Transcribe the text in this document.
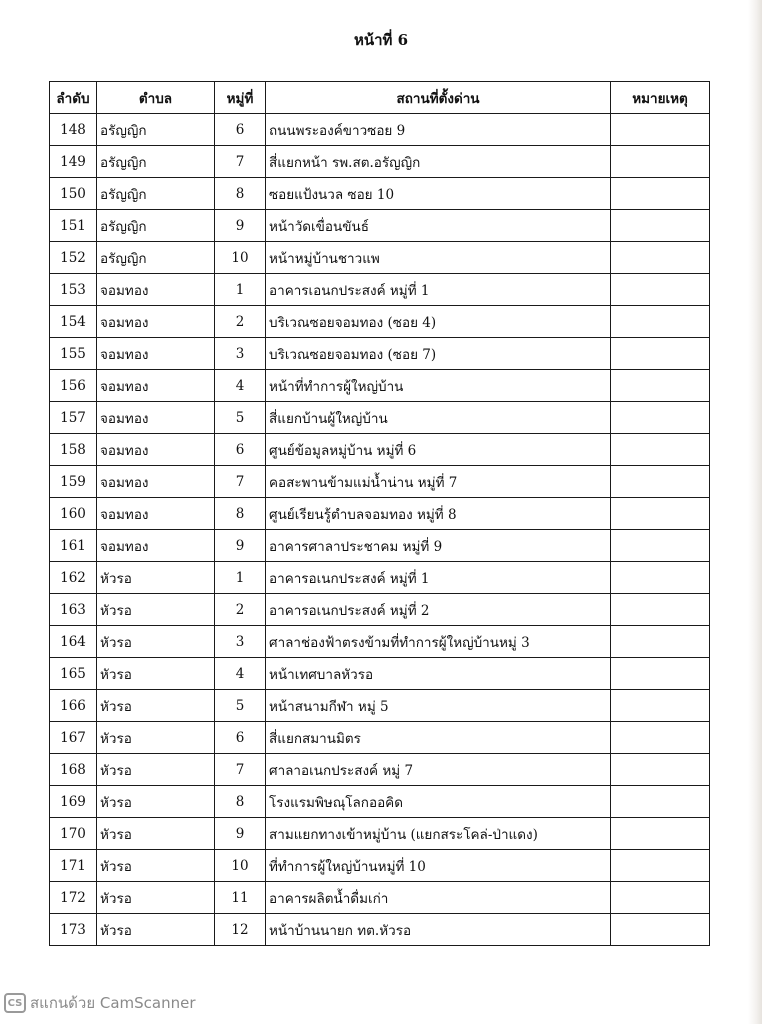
หน้าที่ 6
ลำดับ	ตำบล	หมู่ที่	สถานที่ตั้งด่าน	หมายเหตุ
148	อรัญญิก	6	ถนนพระองค์ขาวซอย 9	
149	อรัญญิก	7	สี่แยกหน้า รพ.สต.อรัญญิก	
150	อรัญญิก	8	ซอยแป้งนวล ซอย 10	
151	อรัญญิก	9	หน้าวัดเขื่อนขันธ์	
152	อรัญญิก	10	หน้าหมู่บ้านชาวแพ	
153	จอมทอง	1	อาคารเอนกประสงค์ หมู่ที่ 1	
154	จอมทอง	2	บริเวณซอยจอมทอง (ซอย 4)	
155	จอมทอง	3	บริเวณซอยจอมทอง (ซอย 7)	
156	จอมทอง	4	หน้าที่ทำการผู้ใหญ่บ้าน	
157	จอมทอง	5	สี่แยกบ้านผู้ใหญ่บ้าน	
158	จอมทอง	6	ศูนย์ข้อมูลหมู่บ้าน หมู่ที่ 6	
159	จอมทอง	7	คอสะพานข้ามแม่น้ำน่าน หมู่ที่ 7	
160	จอมทอง	8	ศูนย์เรียนรู้ตำบลจอมทอง หมู่ที่ 8	
161	จอมทอง	9	อาคารศาลาประชาคม หมู่ที่ 9	
162	หัวรอ	1	อาคารอเนกประสงค์ หมู่ที่ 1	
163	หัวรอ	2	อาคารอเนกประสงค์ หมู่ที่ 2	
164	หัวรอ	3	ศาลาช่องฟ้าตรงข้ามที่ทำการผู้ใหญ่บ้านหมู่ 3	
165	หัวรอ	4	หน้าเทศบาลหัวรอ	
166	หัวรอ	5	หน้าสนามกีฬา หมู่ 5	
167	หัวรอ	6	สี่แยกสมานมิตร	
168	หัวรอ	7	ศาลาอเนกประสงค์ หมู่ 7	
169	หัวรอ	8	โรงแรมพิษณุโลกออคิด	
170	หัวรอ	9	สามแยกทางเข้าหมู่บ้าน (แยกสระโคล่-ป่าแดง)	
171	หัวรอ	10	ที่ทำการผู้ใหญ่บ้านหมู่ที่ 10	
172	หัวรอ	11	อาคารผลิตน้ำดื่มเก่า	
173	หัวรอ	12	หน้าบ้านนายก ทต.หัวรอ	
CS สแกนด้วย CamScanner
